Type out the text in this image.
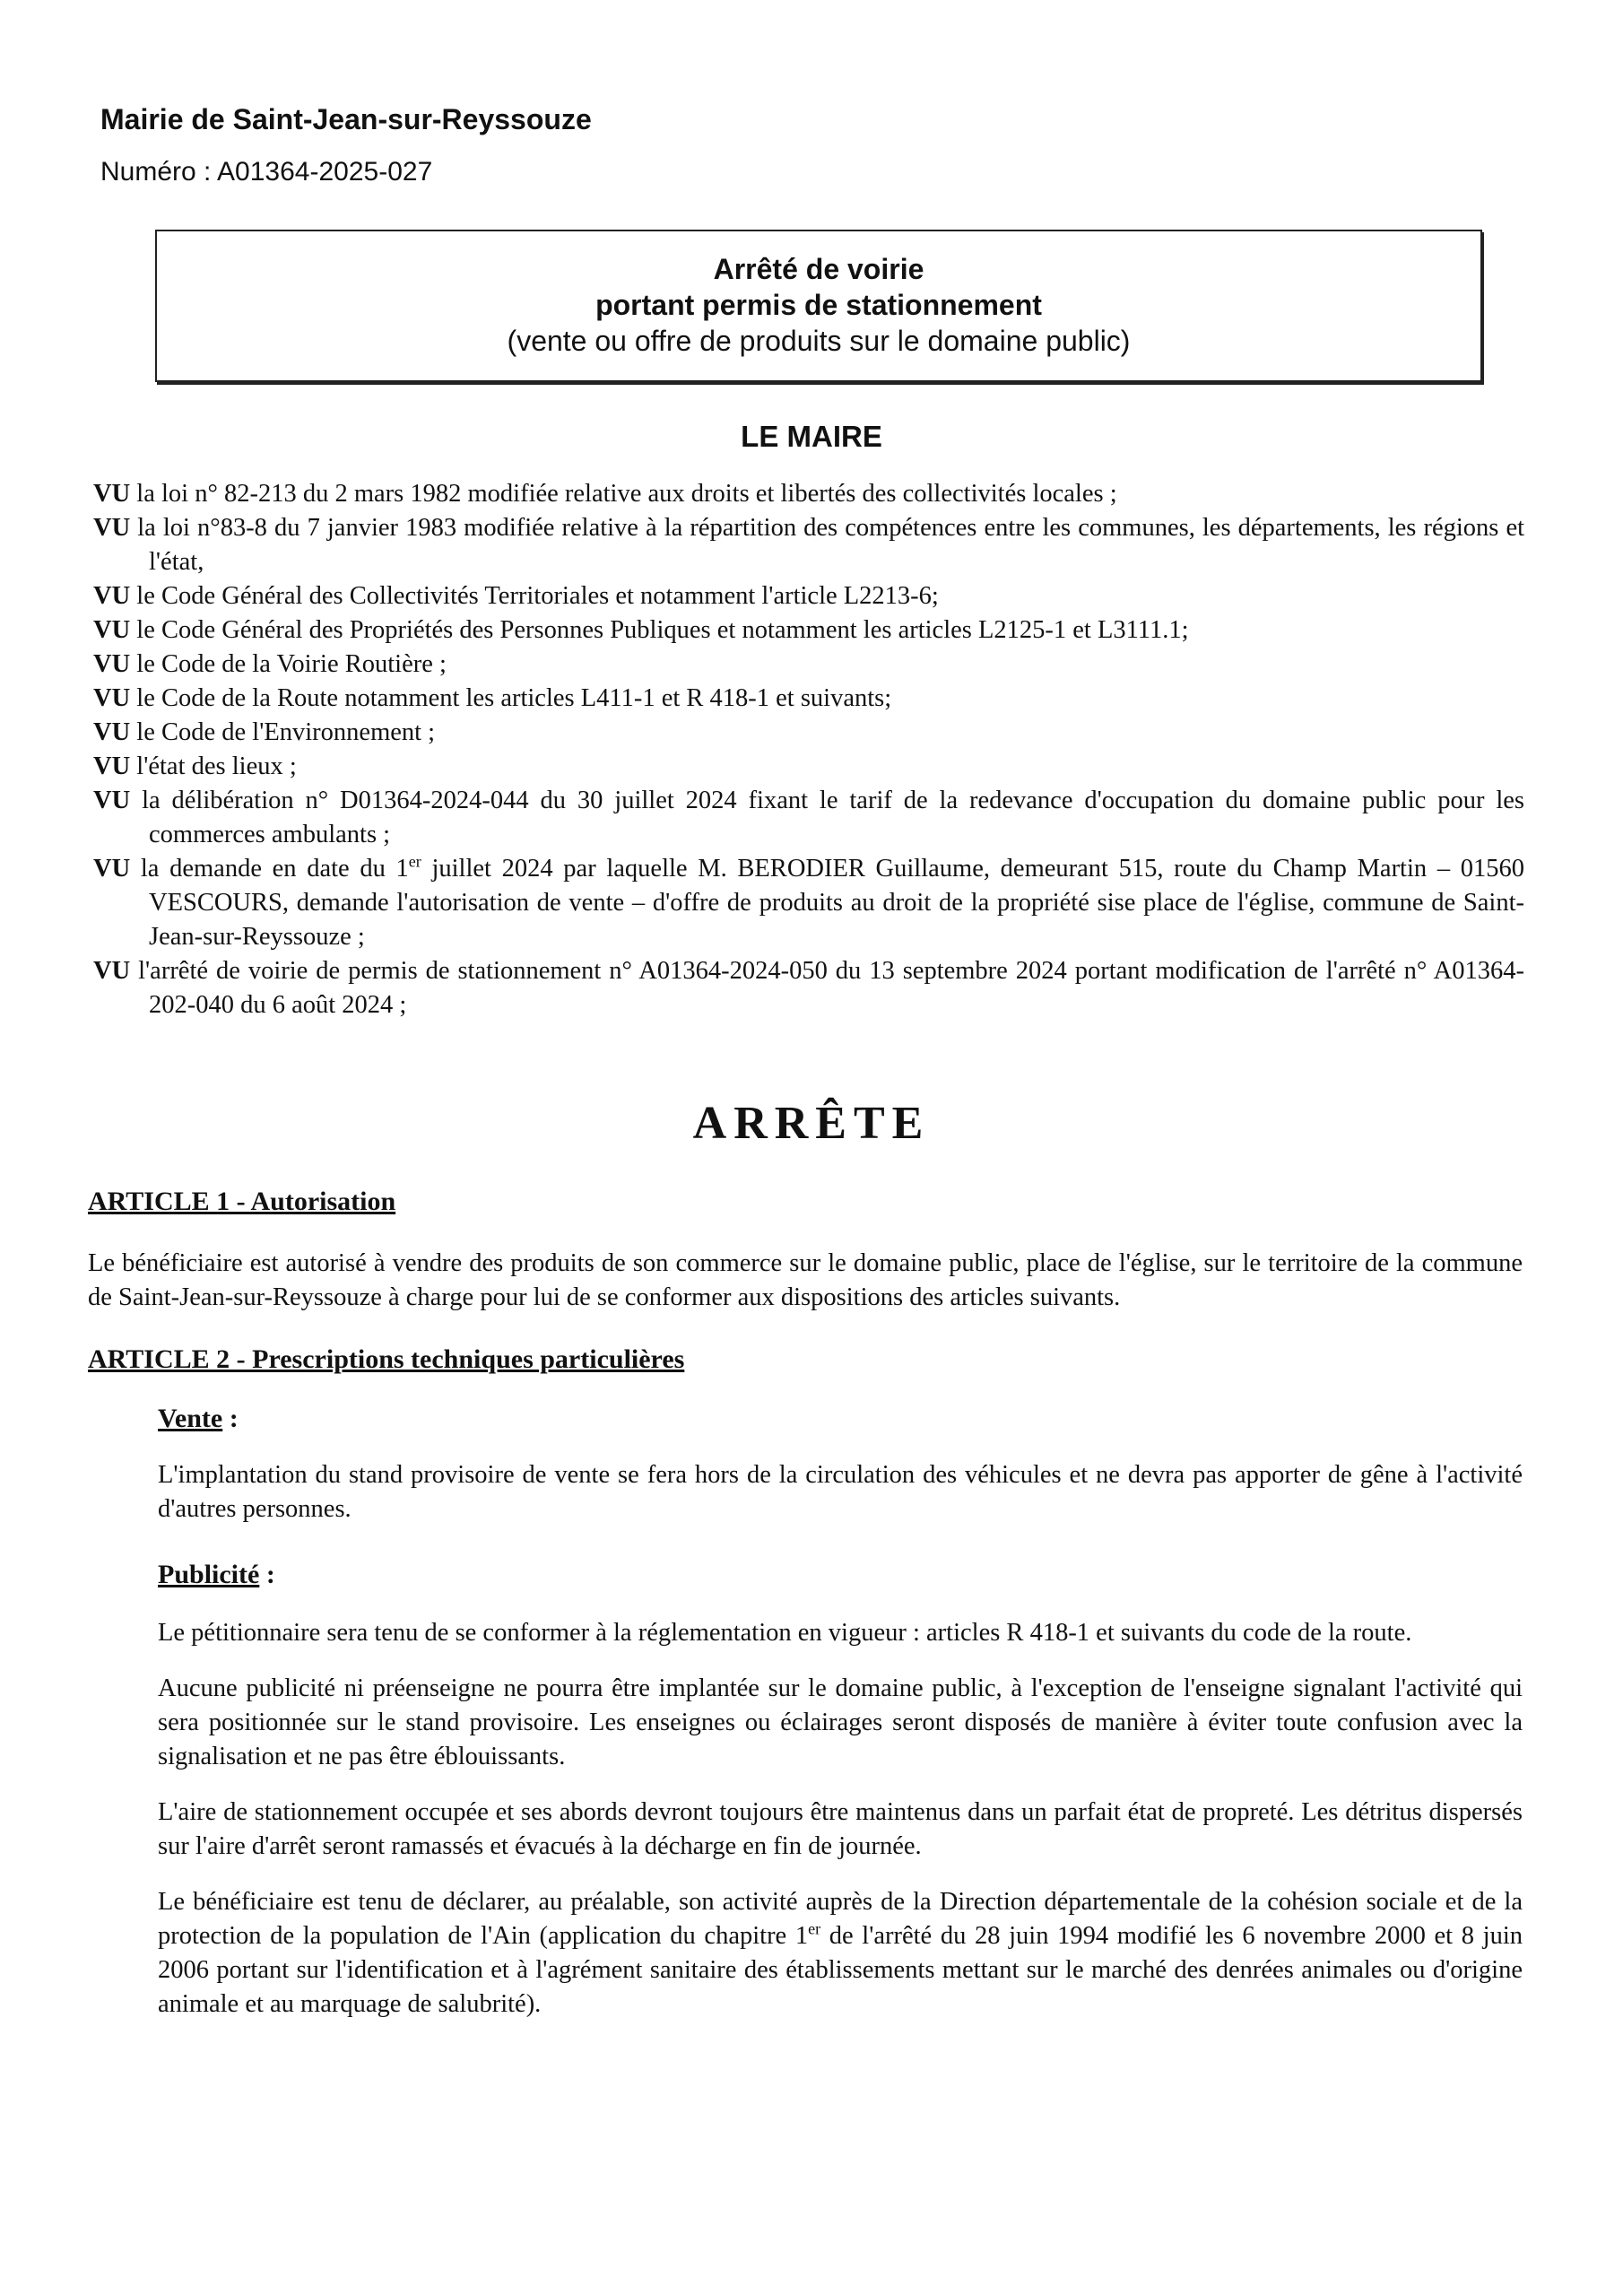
Mairie de Saint-Jean-sur-Reyssouze
Numéro : A01364-2025-027
Arrêté de voirie
portant permis de stationnement
(vente ou offre de produits sur le domaine public)
LE MAIRE
VU la loi n° 82-213 du 2 mars 1982 modifiée relative aux droits et libertés des collectivités locales ;
VU la loi n°83-8 du 7 janvier 1983 modifiée relative à la répartition des compétences entre les communes, les départements, les régions et l'état,
VU le Code Général des Collectivités Territoriales et notamment l'article L2213-6;
VU le Code Général des Propriétés des Personnes Publiques et notamment les articles L2125-1 et L3111.1;
VU le Code de la Voirie Routière ;
VU le Code de la Route notamment les articles L411-1 et R 418-1 et suivants;
VU le Code de l'Environnement ;
VU l'état des lieux ;
VU la délibération n° D01364-2024-044 du 30 juillet 2024 fixant le tarif de la redevance d'occupation du domaine public pour les commerces ambulants ;
VU la demande en date du 1er juillet 2024 par laquelle M. BERODIER Guillaume, demeurant 515, route du Champ Martin – 01560 VESCOURS, demande l'autorisation de vente – d'offre de produits au droit de la propriété sise place de l'église, commune de Saint-Jean-sur-Reyssouze ;
VU l'arrêté de voirie de permis de stationnement n° A01364-2024-050 du 13 septembre 2024 portant modification de l'arrêté n° A01364-202-040 du 6 août 2024 ;
ARRÊTE

ARTICLE 1 - Autorisation

Le bénéficiaire est autorisé à vendre des produits de son commerce sur le domaine public, place de l'église, sur le territoire de la commune de Saint-Jean-sur-Reyssouze à charge pour lui de se conformer aux dispositions des articles suivants.

ARTICLE 2 - Prescriptions techniques particulières

Vente :

L'implantation du stand provisoire de vente se fera hors de la circulation des véhicules et ne devra pas apporter de gêne à l'activité d'autres personnes.

Publicité :

Le pétitionnaire sera tenu de se conformer à la réglementation en vigueur : articles R 418-1 et suivants du code de la route.

Aucune publicité ni préenseigne ne pourra être implantée sur le domaine public, à l'exception de l'enseigne signalant l'activité qui sera positionnée sur le stand provisoire. Les enseignes ou éclairages seront disposés de manière à éviter toute confusion avec la signalisation et ne pas être éblouissants.

L'aire de stationnement occupée et ses abords devront toujours être maintenus dans un parfait état de propreté. Les détritus dispersés sur l'aire d'arrêt seront ramassés et évacués à la décharge en fin de journée.

Le bénéficiaire est tenu de déclarer, au préalable, son activité auprès de la Direction départementale de la cohésion sociale et de la protection de la population de l'Ain (application du chapitre 1er de l'arrêté du 28 juin 1994 modifié les 6 novembre 2000 et 8 juin 2006 portant sur l'identification et à l'agrément sanitaire des établissements mettant sur le marché des denrées animales ou d'origine animale et au marquage de salubrité).
